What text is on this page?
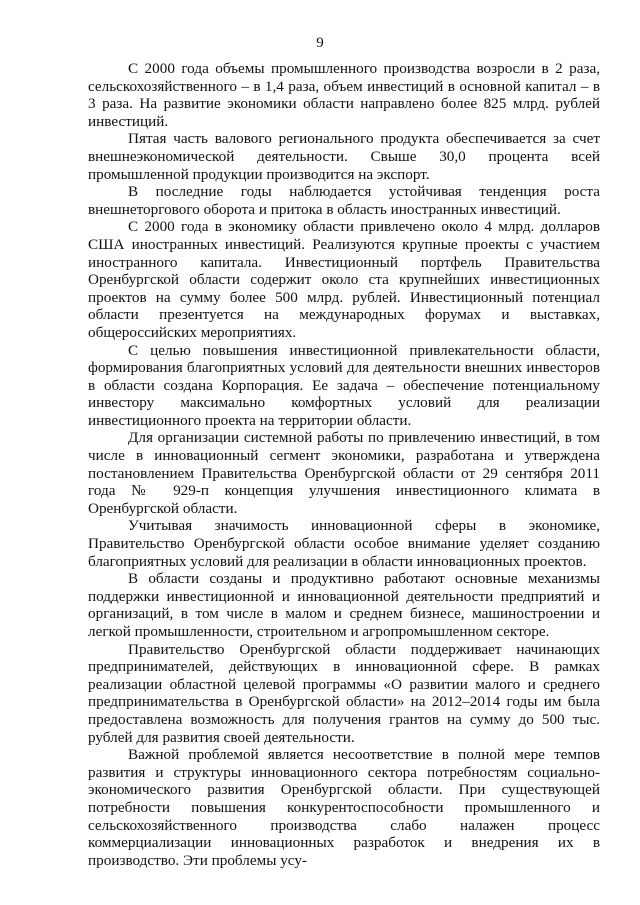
9

С 2000 года объемы промышленного производства возросли в 2 раза, сельскохозяйственного – в 1,4 раза, объем инвестиций в основной капитал – в 3 раза. На развитие экономики области направлено более 825 млрд. рублей инвестиций.

Пятая часть валового регионального продукта обеспечивается за счет внешнеэкономической деятельности. Свыше 30,0 процента всей промышленной продукции производится на экспорт.

В последние годы наблюдается устойчивая тенденция роста внешнеторгового оборота и притока в область иностранных инвестиций.

С 2000 года в экономику области привлечено около 4 млрд. долларов США иностранных инвестиций. Реализуются крупные проекты с участием иностранного капитала. Инвестиционный портфель Правительства Оренбургской области содержит около ста крупнейших инвестиционных проектов на сумму более 500 млрд. рублей. Инвестиционный потенциал области презентуется на международных форумах и выставках, общероссийских мероприятиях.

С целью повышения инвестиционной привлекательности области, формирования благоприятных условий для деятельности внешних инвесторов в области создана Корпорация. Ее задача – обеспечение потенциальному инвестору максимально комфортных условий для реализации инвестиционного проекта на территории области.

Для организации системной работы по привлечению инвестиций, в том числе в инновационный сегмент экономики, разработана и утверждена постановлением Правительства Оренбургской области от 29 сентября 2011 года № 929-п концепция улучшения инвестиционного климата в Оренбургской области.

Учитывая значимость инновационной сферы в экономике, Правительство Оренбургской области особое внимание уделяет созданию благоприятных условий для реализации в области инновационных проектов.

В области созданы и продуктивно работают основные механизмы поддержки инвестиционной и инновационной деятельности предприятий и организаций, в том числе в малом и среднем бизнесе, машиностроении и легкой промышленности, строительном и агропромышленном секторе.

Правительство Оренбургской области поддерживает начинающих предпринимателей, действующих в инновационной сфере. В рамках реализации областной целевой программы «О развитии малого и среднего предпринимательства в Оренбургской области» на 2012–2014 годы им была предоставлена возможность для получения грантов на сумму до 500 тыс. рублей для развития своей деятельности.

Важной проблемой является несоответствие в полной мере темпов развития и структуры инновационного сектора потребностям социально-экономического развития Оренбургской области. При существующей потребности повышения конкурентоспособности промышленного и сельскохозяйственного производства слабо налажен процесс коммерциализации инновационных разработок и внедрения их в производство. Эти проблемы усу-
